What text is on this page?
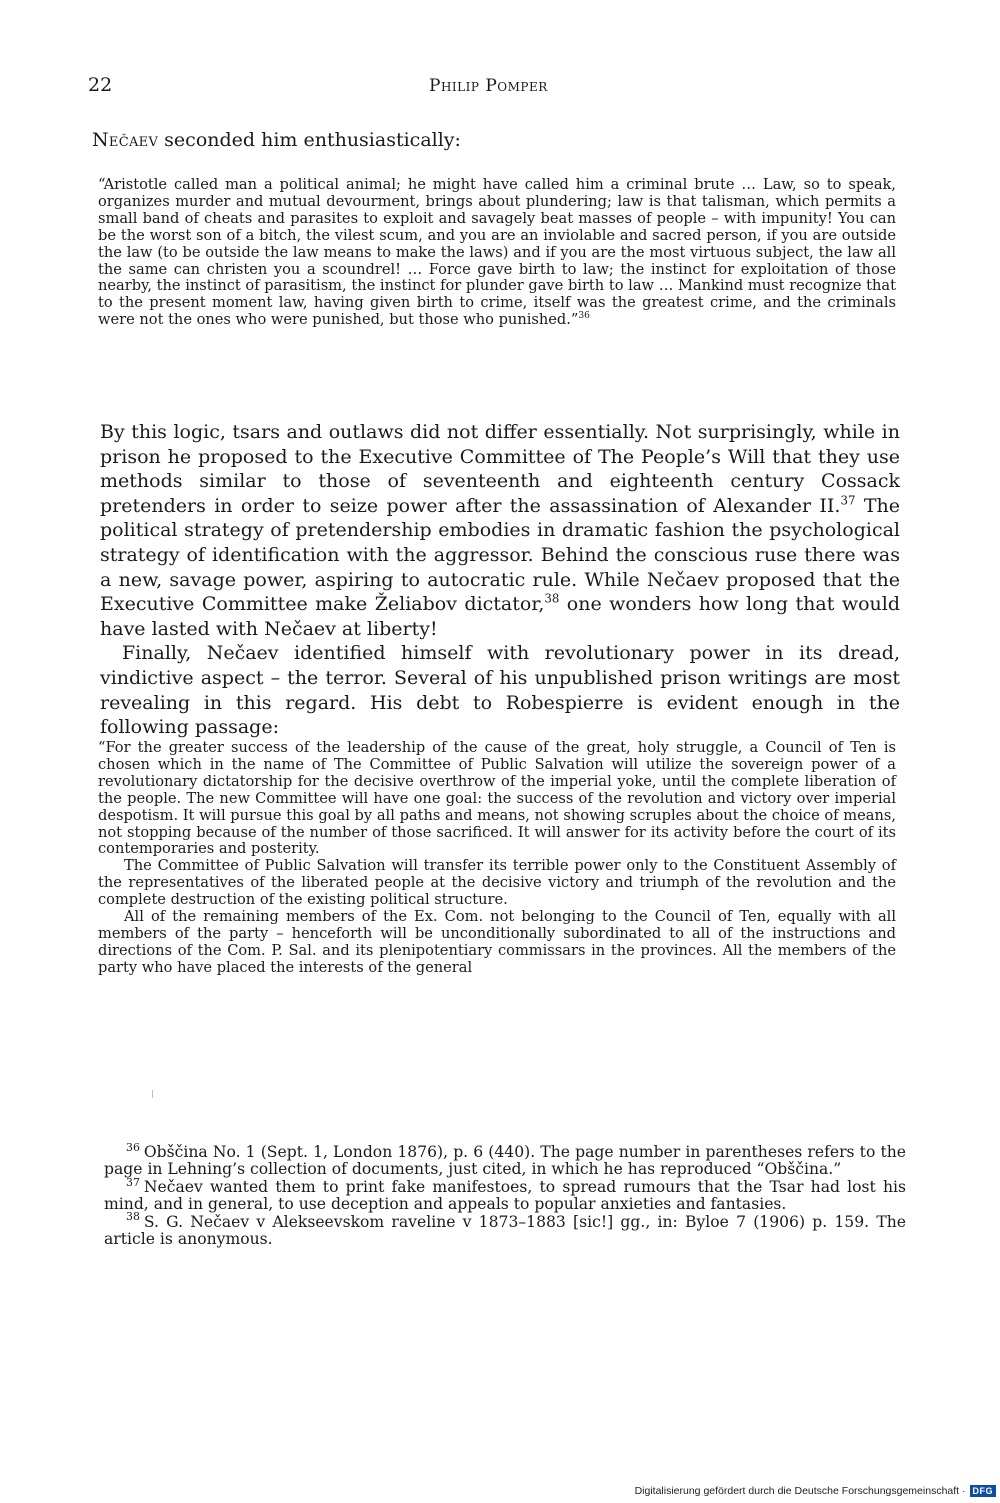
22	Philip Pomper
Nečaev seconded him enthusiastically:

“Aristotle called man a political animal; he might have called him a criminal brute … Law, so to speak, organizes murder and mutual devourment, brings about plundering; law is that talisman, which permits a small band of cheats and parasites to exploit and savagely beat masses of people – with impunity! You can be the worst son of a bitch, the vilest scum, and you are an inviolable and sacred person, if you are outside the law (to be outside the law means to make the laws) and if you are the most virtuous subject, the law all the same can christen you a scoundrel! … Force gave birth to law; the instinct for exploitation of those nearby, the instinct of parasitism, the instinct for plunder gave birth to law … Mankind must recognize that to the present moment law, having given birth to crime, itself was the greatest crime, and the criminals were not the ones who were punished, but those who punished.”$^{36}$

By this logic, tsars and outlaws did not differ essentially. Not surprisingly, while in prison he proposed to the Executive Committee of The People’s Will that they use methods similar to those of seventeenth and eighteenth century Cossack pretenders in order to seize power after the assassination of Alexander II.$^{37}$ The political strategy of pretendership embodies in dramatic fashion the psychological strategy of identification with the aggressor. Behind the conscious ruse there was a new, savage power, aspiring to autocratic rule. While Nečaev proposed that the Executive Committee make Želiabov dictator,$^{38}$ one wonders how long that would have lasted with Nečaev at liberty!

Finally, Nečaev identified himself with revolutionary power in its dread, vindictive aspect – the terror. Several of his unpublished prison writings are most revealing in this regard. His debt to Robespierre is evident enough in the following passage:

“For the greater success of the leadership of the cause of the great, holy struggle, a Council of Ten is chosen which in the name of The Committee of Public Salvation will utilize the sovereign power of a revolutionary dictatorship for the decisive overthrow of the imperial yoke, until the complete liberation of the people. The new Committee will have one goal: the success of the revolution and victory over imperial despotism. It will pursue this goal by all paths and means, not showing scruples about the choice of means, not stopping because of the number of those sacrificed. It will answer for its activity before the court of its contemporaries and posterity.

The Committee of Public Salvation will transfer its terrible power only to the Constituent Assembly of the representatives of the liberated people at the decisive victory and triumph of the revolution and the complete destruction of the existing political structure.

All of the remaining members of the Ex. Com. not belonging to the Council of Ten, equally with all members of the party – henceforth will be unconditionally subordinated to all of the instructions and directions of the Com. P. Sal. and its plenipotentiary commissars in the provinces. All the members of the party who have placed the interests of the general

$^{36}$ Obščina No. 1 (Sept. 1, London 1876), p. 6 (440). The page number in parentheses refers to the page in Lehning’s collection of documents, just cited, in which he has reproduced “Obščina.”

$^{37}$ Nečaev wanted them to print fake manifestoes, to spread rumours that the Tsar had lost his mind, and in general, to use deception and appeals to popular anxieties and fantasies.

$^{38}$ S. G. Nečaev v Alekseevskom raveline v 1873–1883 [sic!] gg., in: Byloe 7 (1906) p. 159. The article is anonymous.

Digitalisierung gefördert durch die Deutsche Forschungsgemeinschaft · DFG
